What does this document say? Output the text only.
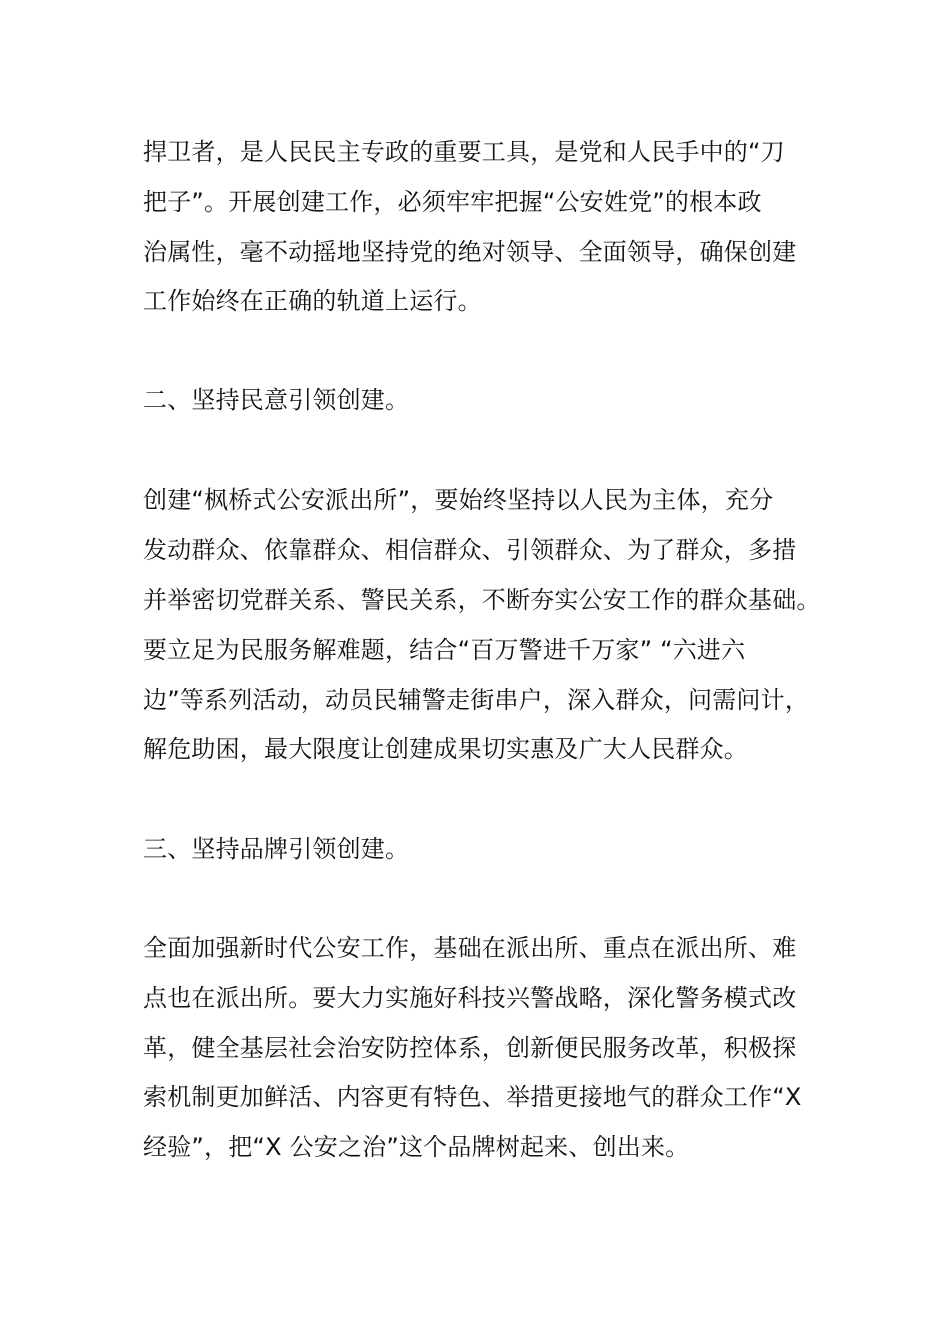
捍卫者，是人民民主专政的重要工具，是党和人民手中的“刀
把子”。开展创建工作，必须牢牢把握“公安姓党”的根本政
治属性，毫不动摇地坚持党的绝对领导、全面领导，确保创建
工作始终在正确的轨道上运行。
二、坚持民意引领创建。
创建“枫桥式公安派出所”，要始终坚持以人民为主体，充分
发动群众、依靠群众、相信群众、引领群众、为了群众，多措
并举密切党群关系、警民关系，不断夯实公安工作的群众基础。
要立足为民服务解难题，结合“百万警进千万家” “六进六
边”等系列活动，动员民辅警走街串户，深入群众，问需问计，
解危助困，最大限度让创建成果切实惠及广大人民群众。
三、坚持品牌引领创建。
全面加强新时代公安工作，基础在派出所、重点在派出所、难
点也在派出所。要大力实施好科技兴警战略，深化警务模式改
革，健全基层社会治安防控体系，创新便民服务改革，积极探
索机制更加鲜活、内容更有特色、举措更接地气的群众工作“X
经验”，把“X 公安之治”这个品牌树起来、创出来。
